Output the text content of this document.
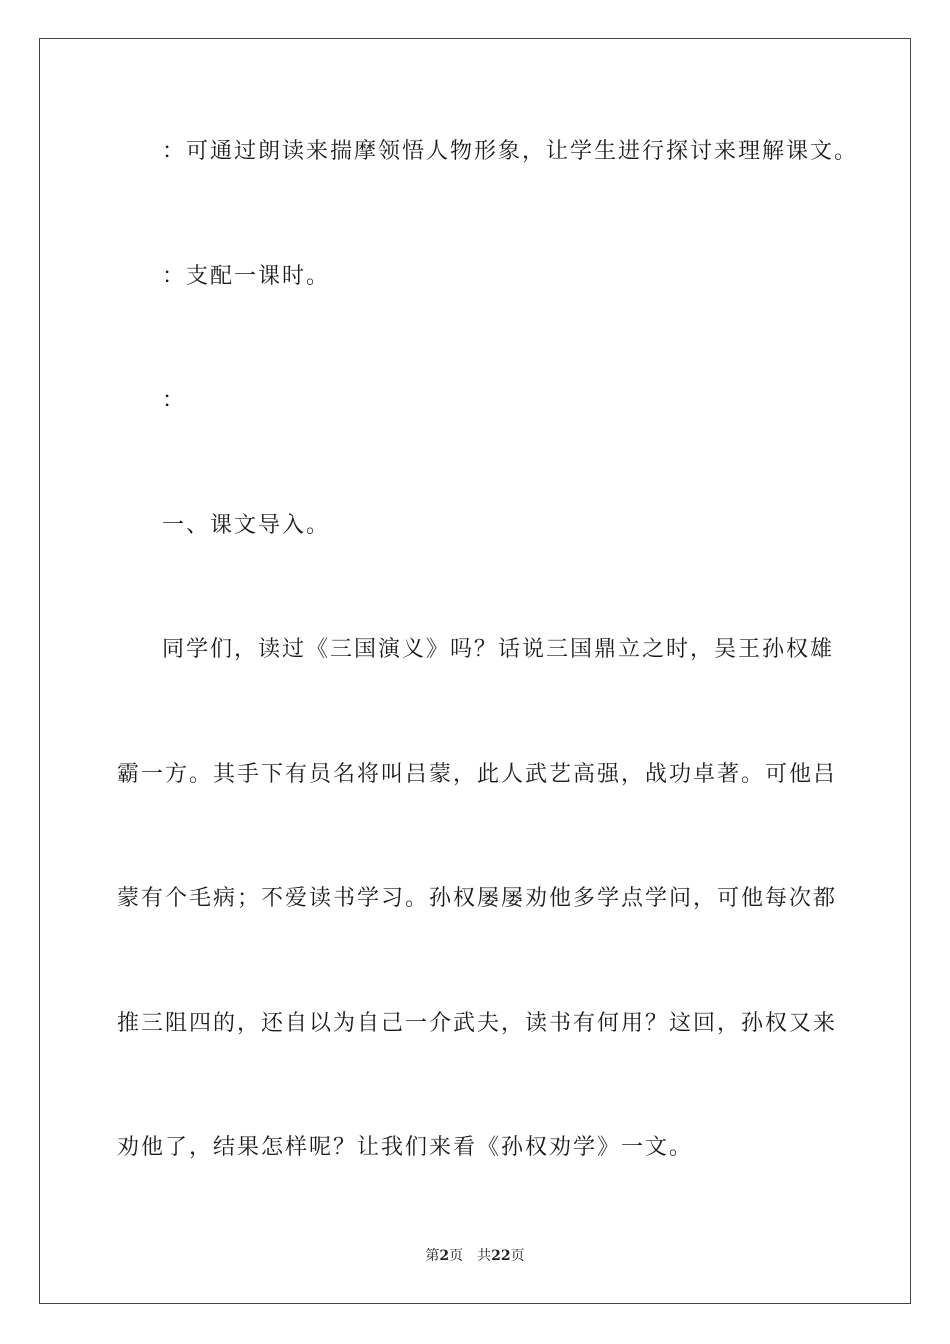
：可通过朗读来揣摩领悟人物形象，让学生进行探讨来理解课文。
：支配一课时。
：
一、课文导入。
同学们，读过《三国演义》吗？话说三国鼎立之时，吴王孙权雄
霸一方。其手下有员名将叫吕蒙，此人武艺高强，战功卓著。可他吕
蒙有个毛病；不爱读书学习。孙权屡屡劝他多学点学问，可他每次都
推三阻四的，还自以为自己一介武夫，读书有何用？这回，孙权又来
劝他了，结果怎样呢？让我们来看《孙权劝学》一文。
第2页 共22页
